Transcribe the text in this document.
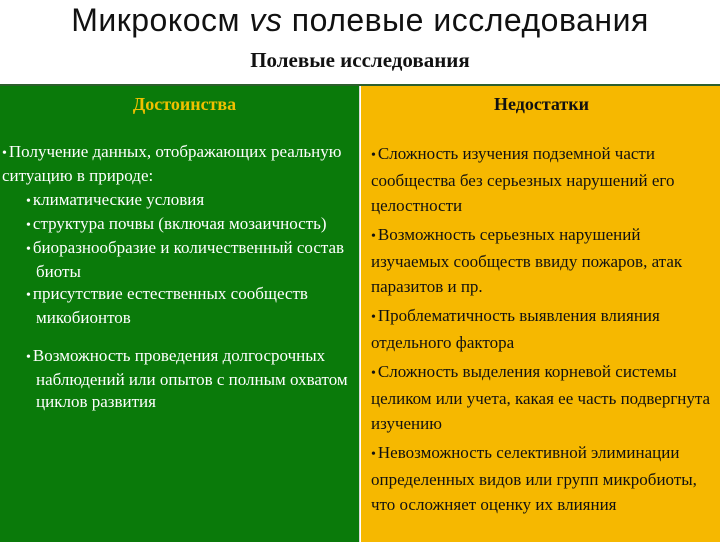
Микрокосм vs полевые исследования
Полевые исследования
Достоинства
• Получение данных, отображающих реальную ситуацию в природе:
• климатические условия
• структура почвы (включая мозаичность)
• биоразнообразие и количественный состав биоты
• присутствие естественных сообществ микобионтов
• Возможность проведения долгосрочных наблюдений или опытов с полным охватом циклов развития
Недостатки
• Сложность изучения подземной части сообщества без серьезных нарушений его целостности
• Возможность серьезных нарушений изучаемых сообществ ввиду пожаров, атак паразитов и пр.
• Проблематичность выявления влияния отдельного фактора
• Сложность выделения корневой системы целиком или учета, какая ее часть подвергнута изучению
• Невозможность селективной элиминации определенных видов или групп микробиоты, что осложняет оценку их влияния
